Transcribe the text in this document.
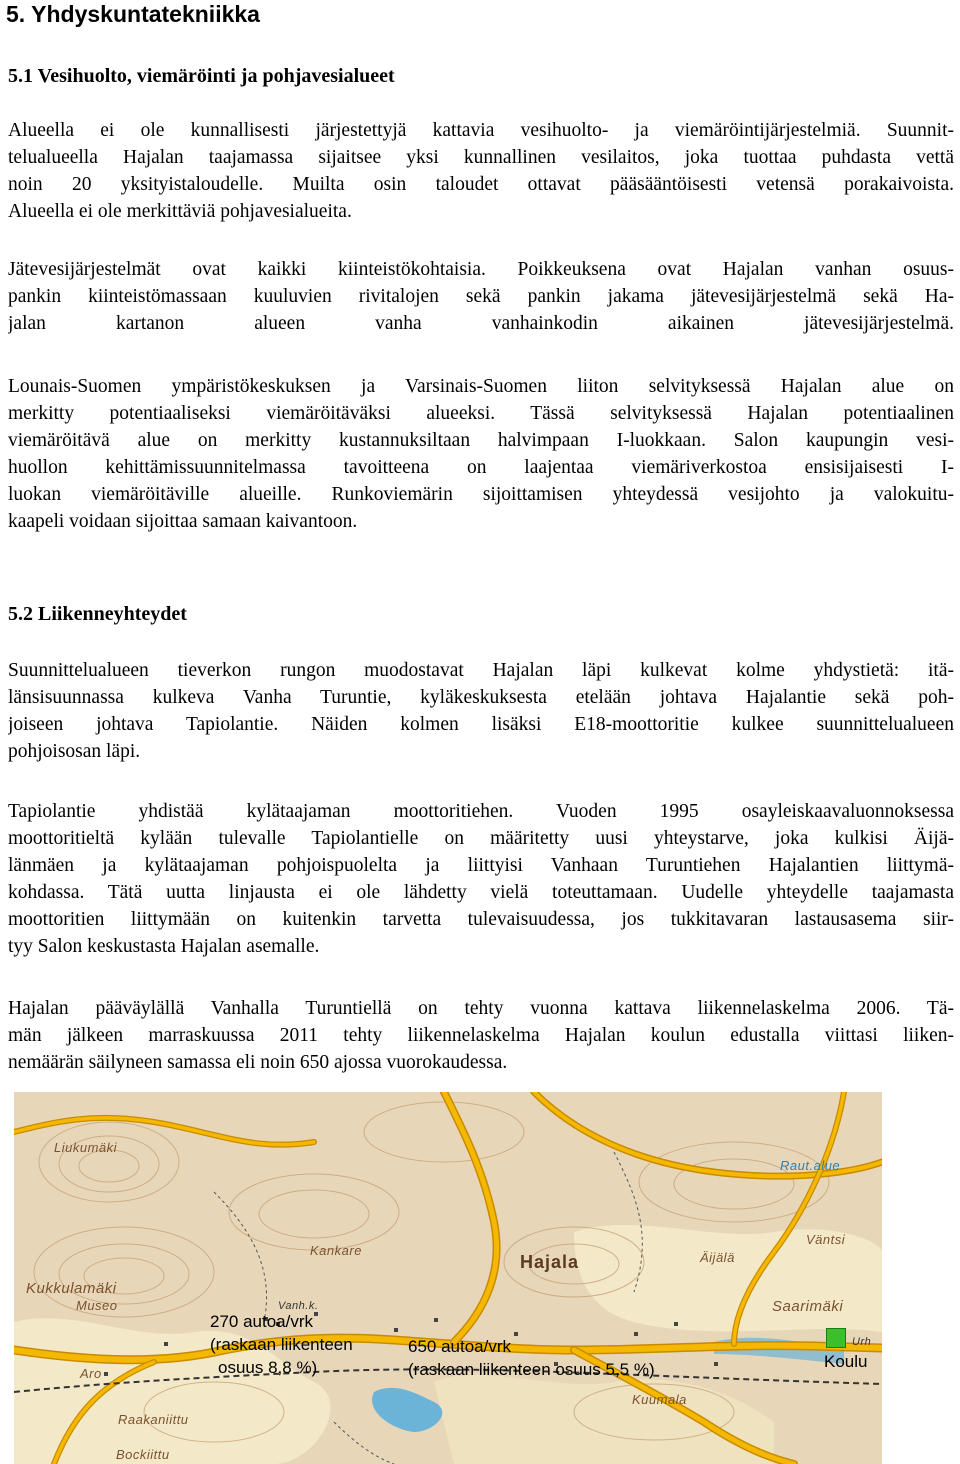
5. Yhdyskuntatekniikka
5.1 Vesihuolto, viemäröinti ja pohjavesialueet
Alueella ei ole kunnallisesti järjestettyjä kattavia vesihuolto- ja viemäröintijärjestelmiä. Suunnit-
telualueella Hajalan taajamassa sijaitsee yksi kunnallinen vesilaitos, joka tuottaa puhdasta vettä
noin 20 yksityistaloudelle. Muilta osin taloudet ottavat pääsääntöisesti vetensä porakaivoista.
Alueella ei ole merkittäviä pohjavesialueita.
Jätevesijärjestelmät ovat kaikki kiinteistökohtaisia. Poikkeuksena ovat Hajalan vanhan osuus-
pankin kiinteistömassaan kuuluvien rivitalojen sekä pankin jakama jätevesijärjestelmä sekä Ha-
jalan kartanon alueen vanha vanhainkodin aikainen jätevesijärjestelmä.
Lounais-Suomen ympäristökeskuksen ja Varsinais-Suomen liiton selvityksessä Hajalan alue on
merkitty potentiaaliseksi viemäröitäväksi alueeksi. Tässä selvityksessä Hajalan potentiaalinen
viemäröitävä alue on merkitty kustannuksiltaan halvimpaan I-luokkaan. Salon kaupungin vesi-
huollon kehittämissuunnitelmassa tavoitteena on laajentaa viemäriverkostoa ensisijaisesti I-
luokan viemäröitäville alueille. Runkoviemärin sijoittamisen yhteydessä vesijohto ja valokuitu-
kaapeli voidaan sijoittaa samaan kaivantoon.
5.2 Liikenneyhteydet
Suunnittelualueen tieverkon rungon muodostavat Hajalan läpi kulkevat kolme yhdystietä: itä-
länsisuunnassa kulkeva Vanha Turuntie, kyläkeskuksesta etelään johtava Hajalantie sekä poh-
joiseen johtava Tapiolantie. Näiden kolmen lisäksi E18-moottoritie kulkee suunnittelualueen
pohjoisosan läpi.
Tapiolantie yhdistää kylätaajaman moottoritiehen. Vuoden 1995 osayleiskaavaluonnoksessa
moottoritieltä kylään tulevalle Tapiolantielle on määritetty uusi yhteystarve, joka kulkisi Äijä-
länmäen ja kylätaajaman pohjoispuolelta ja liittyisi Vanhaan Turuntiehen Hajalantien liittymä-
kohdassa. Tätä uutta linjausta ei ole lähdetty vielä toteuttamaan. Uudelle yhteydelle taajamasta
moottoritien liittymään on kuitenkin tarvetta tulevaisuudessa, jos tukkitavaran lastausasema siir-
tyy Salon keskustasta Hajalan asemalle.
Hajalan pääväylällä Vanhalla Turuntiellä on tehty vuonna kattava liikennelaskelma 2006. Tä-
män jälkeen marraskuussa 2011 tehty liikennelaskelma Hajalan koulun edustalla viittasi liiken-
nemäärän säilyneen samassa eli noin 650 ajossa vuorokaudessa.
Liukumäki
Kankare
Hajala
Kukkulamäki
Museo	Vanh.k.
Äijälä
Väntsi
Saarimäki
Raut.alue
Urh
Aro
Kuumala
Raakaniittu
Bockiittu
270 autoa/vrk
(raskaan liikenteen
osuus 8,8 %)
650 autoa/vrk
(raskaan liikenteen osuus 5,5 %)	Koulu
